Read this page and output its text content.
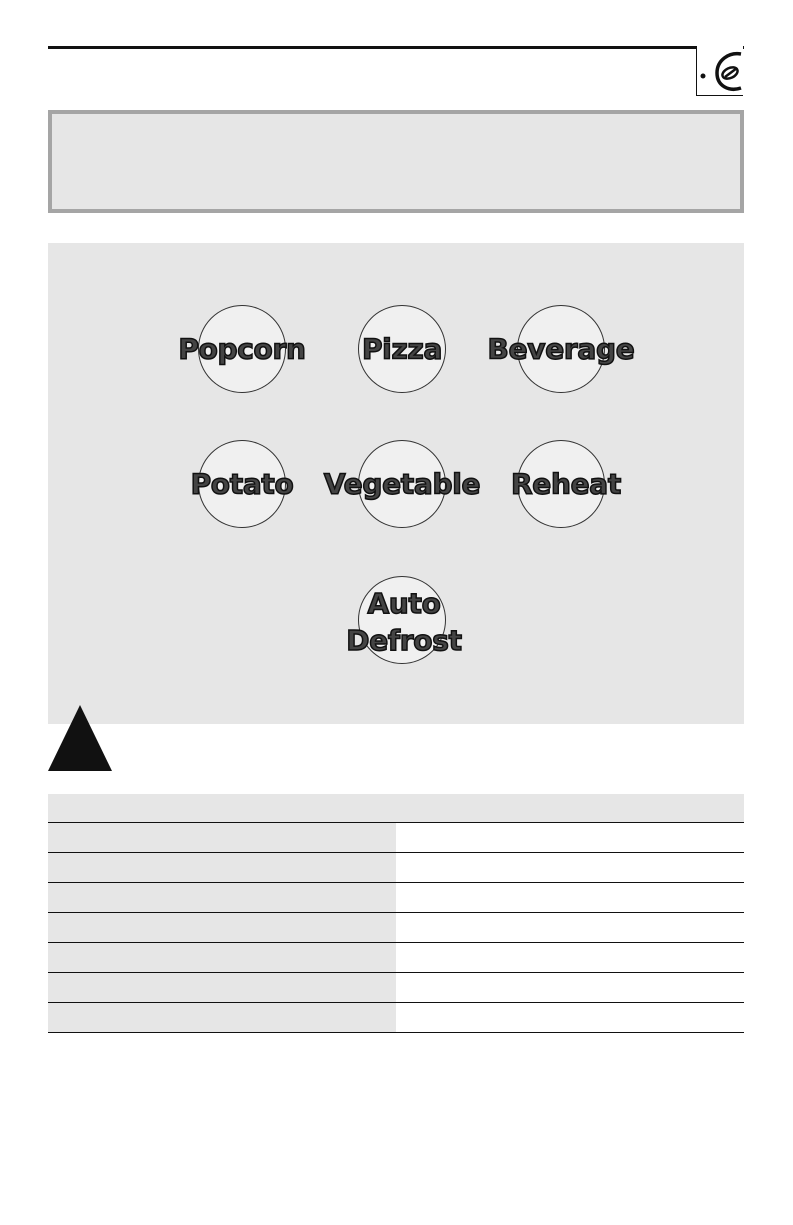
Popcorn Pizza Beverage
Potato Vegetable Reheat
Auto
Defrost
